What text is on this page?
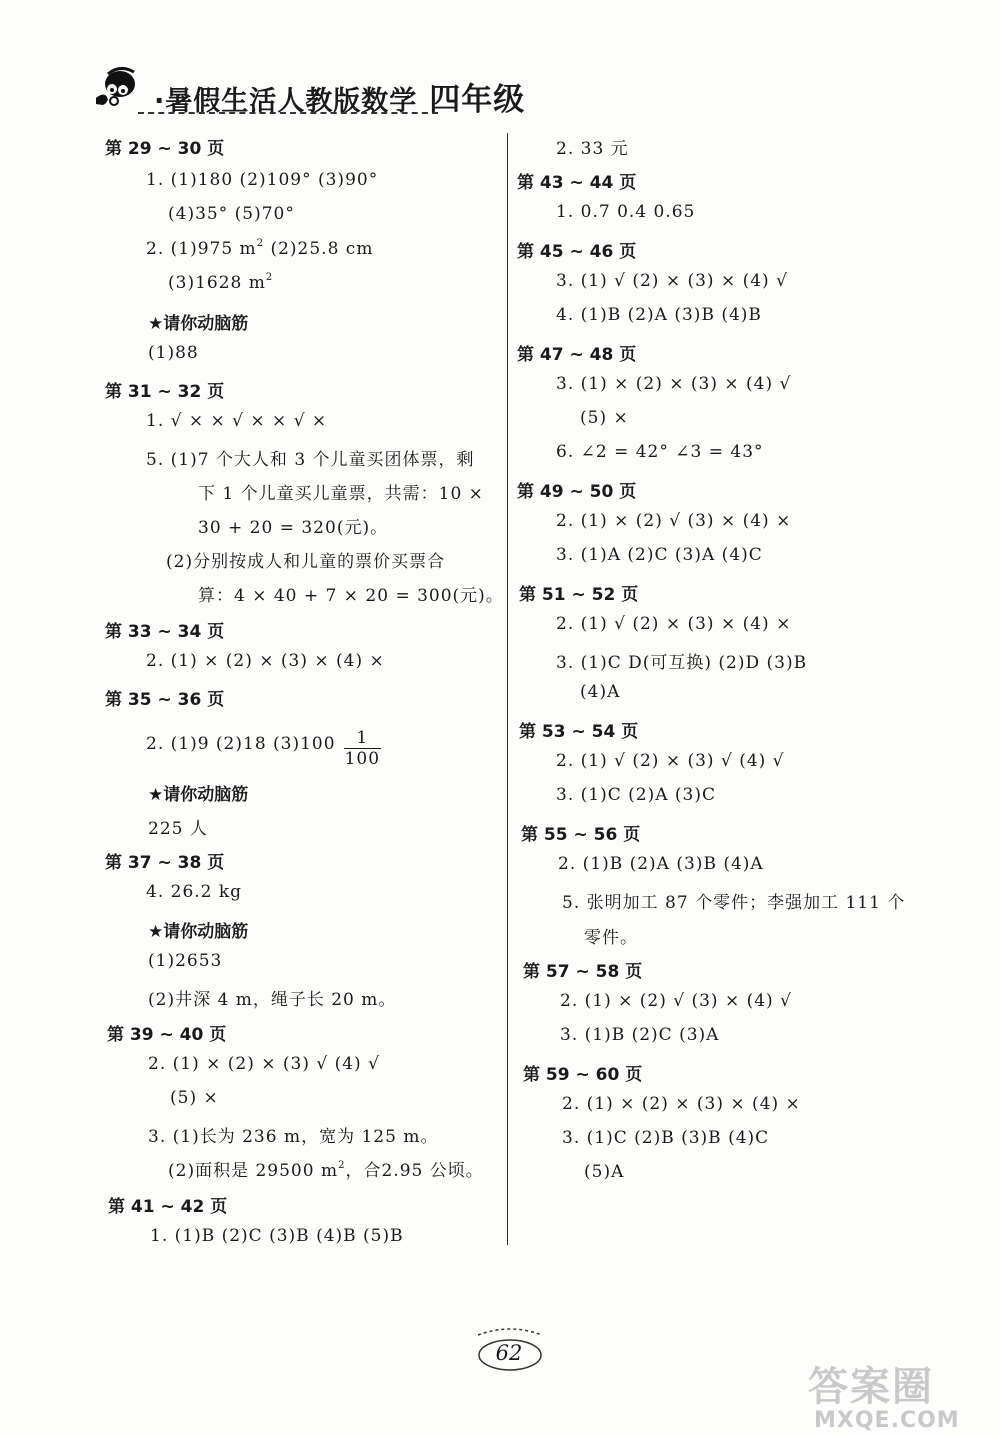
·暑假生活人教版数学 四年级
第 29 ~ 30 页
1. (1)180 (2)109° (3)90°
(4)35° (5)70°
2. (1)975 $m^2$ (2)25.8 cm
(3)1628 $m^2$
★请你动脑筋
(1)88
第 31 ~ 32 页
1. √ × × √ × × √ ×
5. (1)7 个大人和 3 个儿童买团体票，剩
下 1 个儿童买儿童票，共需：10 ×
30 + 20 = 320(元)。
(2)分别按成人和儿童的票价买票合
算：4 × 40 + 7 × 20 = 300(元)。
第 33 ~ 34 页
2. (1) × (2) × (3) × (4) ×
第 35 ~ 36 页
2. (1)9 (2)18 $(3)100 \frac{1}{100}$
★请你动脑筋
225 人
第 37 ~ 38 页
4. 26.2 kg
★请你动脑筋
(1)2653
(2)井深 4 m，绳子长 20 m。
第 39 ~ 40 页
2. (1) × (2) × (3) √ (4) √
(5) ×
3. (1)长为 236 m，宽为 125 m。
(2)面积是 29500 $m^2$，合2.95 公顷。
第 41 ~ 42 页
1. (1)B (2)C (3)B (4)B (5)B
2. 33 元
第 43 ~ 44 页
1. 0.7 0.4 0.65
第 45 ~ 46 页
3. (1) √ (2) × (3) × (4) √
4. (1)B (2)A (3)B (4)B
第 47 ~ 48 页
3. (1) × (2) × (3) × (4) √
(5) ×
6. ∠2 = 42° ∠3 = 43°
第 49 ~ 50 页
2. (1) × (2) √ (3) × (4) ×
3. (1)A (2)C (3)A (4)C
第 51 ~ 52 页
2. (1) √ (2) × (3) × (4) ×
3. (1)C D(可互换) (2)D (3)B
(4)A
第 53 ~ 54 页
2. (1) √ (2) × (3) √ (4) √
3. (1)C (2)A (3)C
第 55 ~ 56 页
2. (1)B (2)A (3)B (4)A
5. 张明加工 87 个零件；李强加工 111 个
零件。
第 57 ~ 58 页
2. (1) × (2) √ (3) × (4) √
3. (1)B (2)C (3)A
第 59 ~ 60 页
2. (1) × (2) × (3) × (4) ×
3. (1)C (2)B (3)B (4)C
(5)A
62
答案圈
MXQE.COM
